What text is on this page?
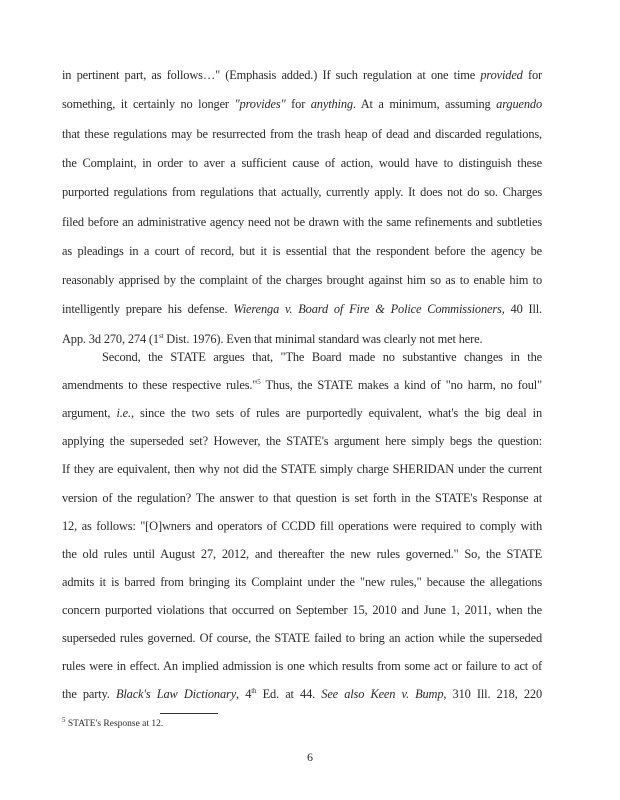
in pertinent part, as follows…" (Emphasis added.) If such regulation at one time provided for
something, it certainly no longer "provides" for anything. At a minimum, assuming arguendo
that these regulations may be resurrected from the trash heap of dead and discarded regulations,
the Complaint, in order to aver a sufficient cause of action, would have to distinguish these
purported regulations from regulations that actually, currently apply. It does not do so. Charges
filed before an administrative agency need not be drawn with the same refinements and subtleties
as pleadings in a court of record, but it is essential that the respondent before the agency be
reasonably apprised by the complaint of the charges brought against him so as to enable him to
intelligently prepare his defense. Wierenga v. Board of Fire & Police Commissioners, 40 Ill.
App. 3d 270, 274 (1st Dist. 1976). Even that minimal standard was clearly not met here.
Second, the STATE argues that, "The Board made no substantive changes in the
amendments to these respective rules."$^5$ Thus, the STATE makes a kind of "no harm, no foul"
argument, i.e., since the two sets of rules are purportedly equivalent, what's the big deal in
applying the superseded set? However, the STATE's argument here simply begs the question:
If they are equivalent, then why not did the STATE simply charge SHERIDAN under the current
version of the regulation? The answer to that question is set forth in the STATE's Response at
12, as follows: "[O]wners and operators of CCDD fill operations were required to comply with
the old rules until August 27, 2012, and thereafter the new rules governed." So, the STATE
admits it is barred from bringing its Complaint under the "new rules," because the allegations
concern purported violations that occurred on September 15, 2010 and June 1, 2011, when the
superseded rules governed. Of course, the STATE failed to bring an action while the superseded
rules were in effect. An implied admission is one which results from some act or failure to act of
the party. Black's Law Dictionary, 4th Ed. at 44. See also Keen v. Bump, 310 Ill. 218, 220
$^5$ STATE's Response at 12.
6
